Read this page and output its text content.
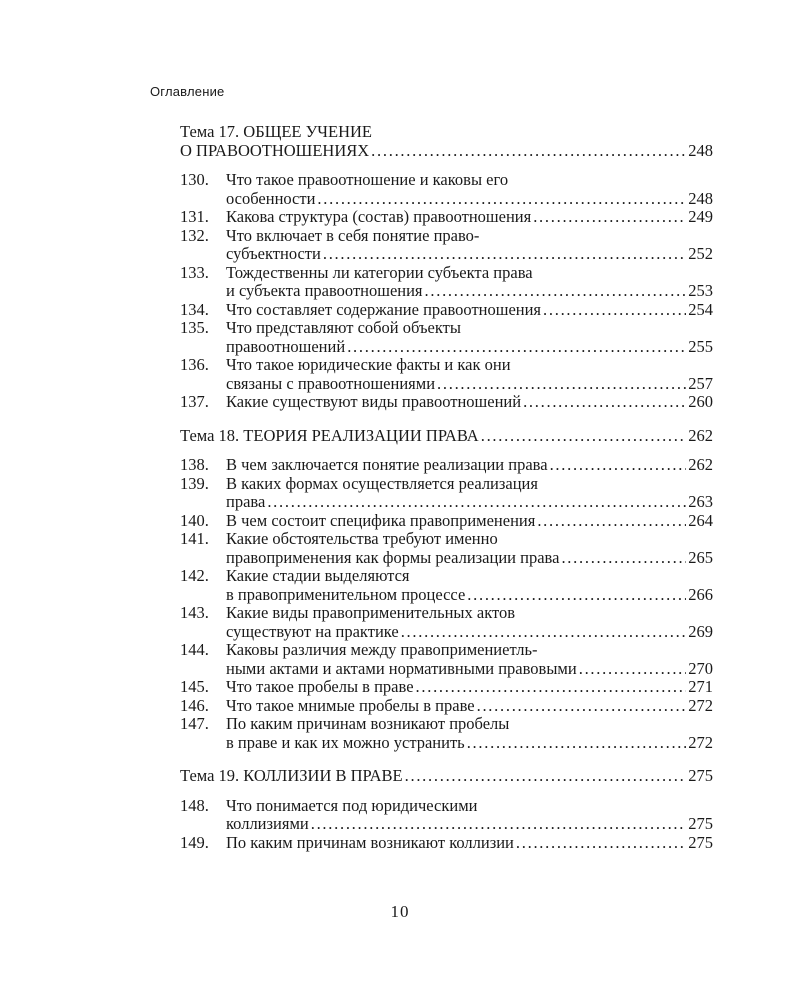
Оглавление
Тема 17. ОБЩЕЕ УЧЕНИЕ
О ПРАВООТНОШЕНИЯХ . . .	248
130.	Что такое правоотношение и каковы его
особенности . . .	248
131.	Какова структура (состав) правоотношения . . .	249
132.	Что включает в себя понятие право-
субъектности . . .	252
133.	Тождественны ли категории субъекта права
и субъекта правоотношения . . .	253
134.	Что составляет содержание правоотношения . . .	254
135.	Что представляют собой объекты
правоотношений . . .	255
136.	Что такое юридические факты и как они
связаны с правоотношениями . . .	257
137.	Какие существуют виды правоотношений . . .	260
Тема 18. ТЕОРИЯ РЕАЛИЗАЦИИ ПРАВА . . .	262
138.	В чем заключается понятие реализации права . . .	262
139.	В каких формах осуществляется реализация
права . . .	263
140.	В чем состоит специфика правоприменения . . .	264
141.	Какие обстоятельства требуют именно
правоприменения как формы реализации права . . .	265
142.	Какие стадии выделяются
в правоприменительном процессе . . .	266
143.	Какие виды правоприменительных актов
существуют на практике . . .	269
144.	Каковы различия между правопримениетль-
ными актами и актами нормативными правовыми . . .	270
145.	Что такое пробелы в праве . . .	271
146.	Что такое мнимые пробелы в праве . . .	272
147.	По каким причинам возникают пробелы
в праве и как их можно устранить . . .	272
Тема 19. КОЛЛИЗИИ В ПРАВЕ . . .	275
148.	Что понимается под юридическими
коллизиями . . .	275
149.	По каким причинам возникают коллизии . . .	275
10
